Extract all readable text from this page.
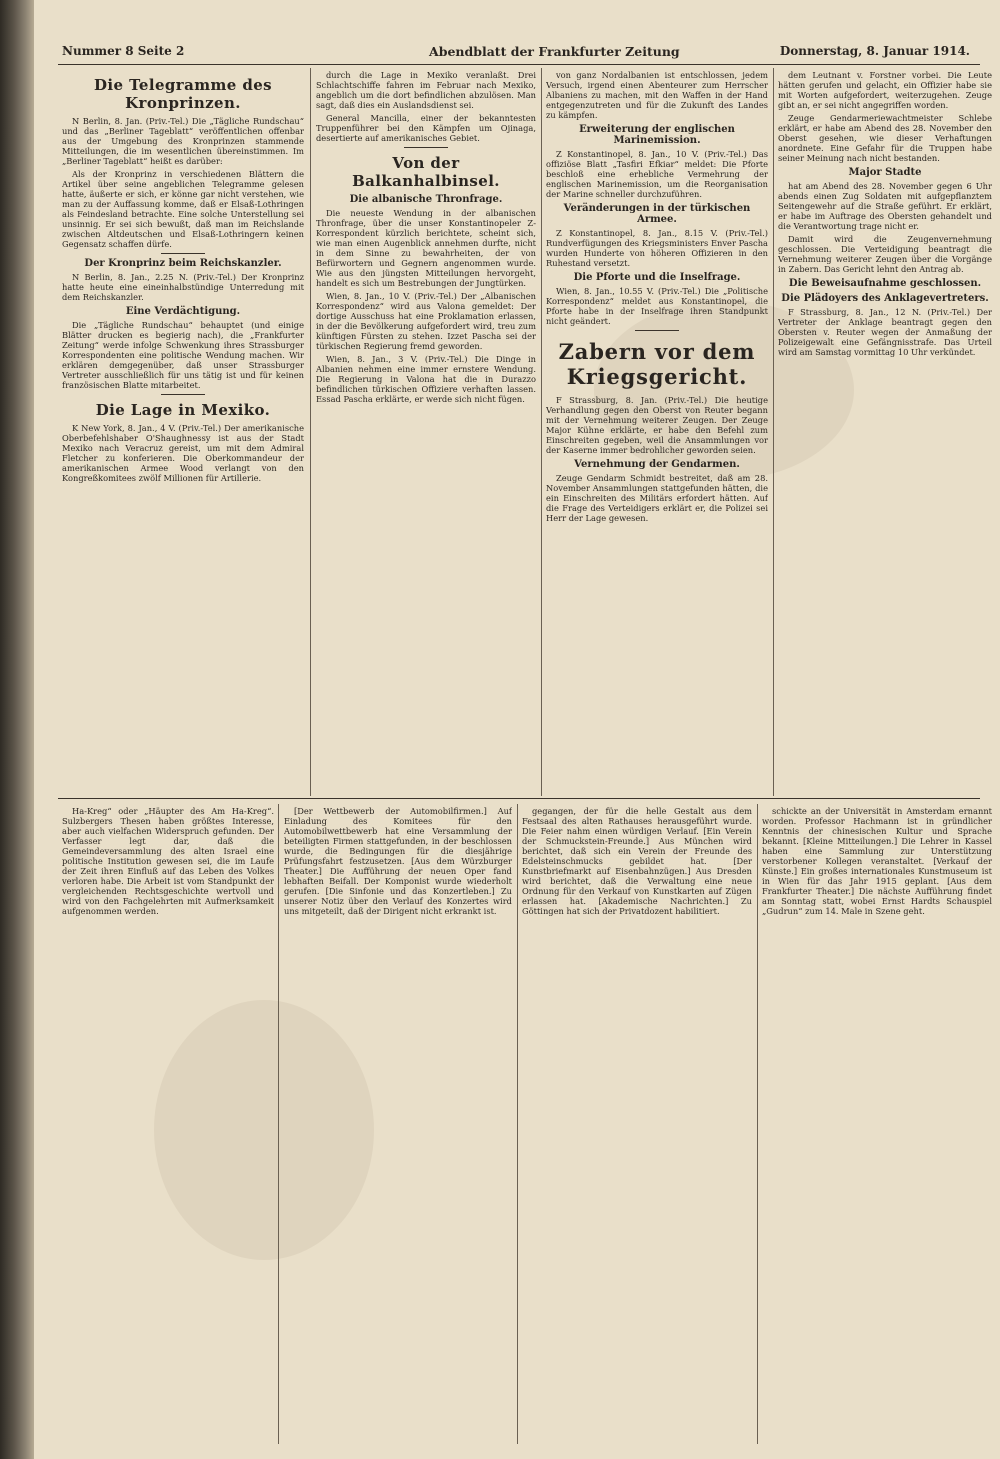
Nummer 8 Seite 2	Abendblatt der Frankfurter Zeitung	Donnerstag, 8. Januar 1914.
Die Telegramme des Kronprinzen.

N Berlin, 8. Jan. (Priv.-Tel.) Die „Tägliche Rundschau“ und das „Berliner Tageblatt“ veröffentlichen offenbar aus der Umgebung des Kronprinzen stammende Mitteilungen, die im wesentlichen übereinstimmen. Im „Berliner Tageblatt“ heißt es darüber:

Als der Kronprinz in verschiedenen Blättern die Artikel über seine angeblichen Telegramme gelesen hatte, äußerte er sich, er könne gar nicht verstehen, wie man zu der Auffassung komme, daß er Elsaß-Lothringen als Feindesland betrachte. Eine solche Unterstellung sei unsinnig. Er sei sich bewußt, daß man im Reichslande zwischen Altdeutschen und Elsaß-Lothringern keinen Gegensatz schaffen dürfe.

Der Kronprinz beim Reichskanzler.

N Berlin, 8. Jan., 2.25 N. (Priv.-Tel.) Der Kronprinz hatte heute eine eineinhalbstündige Unterredung mit dem Reichskanzler.

Eine Verdächtigung.

Die „Tägliche Rundschau“ behauptet (und einige Blätter drucken es begierig nach), die „Frankfurter Zeitung“ werde infolge Schwenkung ihres Strassburger Korrespondenten eine politische Wendung machen. Wir erklären demgegenüber, daß unser Strassburger Vertreter ausschließlich für uns tätig ist und für keinen französischen Blatte mitarbeitet.

Die Lage in Mexiko.

K New York, 8. Jan., 4 V. (Priv.-Tel.) Der amerikanische Oberbefehlshaber O'Shaughnessy ist aus der Stadt Mexiko nach Veracruz gereist, um mit dem Admiral Fletcher zu konferieren. Die Oberkommandeur der amerikanischen Armee Wood verlangt von den Kongreßkomitees zwölf Millionen für Artillerie.

durch die Lage in Mexiko veranlaßt. Drei Schlachtschiffe fahren im Februar nach Mexiko, angeblich um die dort befindlichen abzulösen. Man sagt, daß dies ein Auslandsdienst sei.

General Mancilla, einer der bekanntesten Truppenführer bei den Kämpfen um Ojinaga, desertierte auf amerikanisches Gebiet.

Von der Balkanhalbinsel.
Die albanische Thronfrage.

Die neueste Wendung in der albanischen Thronfrage, über die unser Konstantinopeler Z-Korrespondent kürzlich berichtete, scheint sich, wie man einen Augenblick annehmen durfte, nicht in dem Sinne zu bewahrheiten, der von Befürwortern und Gegnern angenommen wurde. Wie aus den jüngsten Mitteilungen hervorgeht, handelt es sich um Bestrebungen der Jungtürken.

Wien, 8. Jan., 10 V. (Priv.-Tel.) Der „Albanischen Korrespondenz“ wird aus Valona gemeldet: Der dortige Ausschuss hat eine Proklamation erlassen, in der die Bevölkerung aufgefordert wird, treu zum künftigen Fürsten zu stehen. Izzet Pascha sei der türkischen Regierung fremd geworden.

Wien, 8. Jan., 3 V. (Priv.-Tel.) Die Dinge in Albanien nehmen eine immer ernstere Wendung. Die Regierung in Valona hat die in Durazzo befindlichen türkischen Offiziere verhaften lassen. Essad Pascha erklärte, er werde sich nicht fügen.

von ganz Nordalbanien ist entschlossen, jedem Versuch, irgend einen Abenteurer zum Herrscher Albaniens zu machen, mit den Waffen in der Hand entgegenzutreten und für die Zukunft des Landes zu kämpfen.

Erweiterung der englischen Marinemission.

Z Konstantinopel, 8. Jan., 10 V. (Priv.-Tel.) Das offiziöse Blatt „Tasfiri Efkiar“ meldet: Die Pforte beschloß eine erhebliche Vermehrung der englischen Marinemission, um die Reorganisation der Marine schneller durchzuführen.

Veränderungen in der türkischen Armee.

Z Konstantinopel, 8. Jan., 8.15 V. (Priv.-Tel.) Rundverfügungen des Kriegsministers Enver Pascha wurden Hunderte von höheren Offizieren in den Ruhestand versetzt.

Die Pforte und die Inselfrage.

Wien, 8. Jan., 10.55 V. (Priv.-Tel.) Die „Politische Korrespondenz“ meldet aus Konstantinopel, die Pforte habe in der Inselfrage ihren Standpunkt nicht geändert.

Zabern vor dem Kriegsgericht.

F Strassburg, 8. Jan. (Priv.-Tel.) Die heutige Verhandlung gegen den Oberst von Reuter begann mit der Vernehmung weiterer Zeugen. Der Zeuge Major Kühne erklärte, er habe den Befehl zum Einschreiten gegeben, weil die Ansammlungen vor der Kaserne immer bedrohlicher geworden seien.

Vernehmung der Gendarmen.

Zeuge Gendarm Schmidt bestreitet, daß am 28. November Ansammlungen stattgefunden hätten, die ein Einschreiten des Militärs erfordert hätten. Auf die Frage des Verteidigers erklärt er, die Polizei sei Herr der Lage gewesen.

dem Leutnant v. Forstner vorbei. Die Leute hätten gerufen und gelacht, ein Offizier habe sie mit Worten aufgefordert, weiterzugehen. Zeuge gibt an, er sei nicht angegriffen worden.

Zeuge Gendarmeriewachtmeister Schlebe erklärt, er habe am Abend des 28. November den Oberst gesehen, wie dieser Verhaftungen anordnete. Eine Gefahr für die Truppen habe seiner Meinung nach nicht bestanden.

Major Stadte

hat am Abend des 28. November gegen 6 Uhr abends einen Zug Soldaten mit aufgepflanztem Seitengewehr auf die Straße geführt. Er erklärt, er habe im Auftrage des Obersten gehandelt und die Verantwortung trage nicht er.

Damit wird die Zeugenvernehmung geschlossen. Die Verteidigung beantragt die Vernehmung weiterer Zeugen über die Vorgänge in Zabern. Das Gericht lehnt den Antrag ab.

Die Beweisaufnahme geschlossen.
Die Plädoyers des Anklagevertreters.

F Strassburg, 8. Jan., 12 N. (Priv.-Tel.) Der Vertreter der Anklage beantragt gegen den Obersten v. Reuter wegen der Anmaßung der Polizeigewalt eine Gefängnisstrafe. Das Urteil wird am Samstag vormittag 10 Uhr verkündet.

Ha-Kreg“ oder „Häupter des Am Ha-Kreg“. Sulzbergers Thesen haben größtes Interesse, aber auch vielfachen Widerspruch gefunden. Der Verfasser legt dar, daß die Gemeindeversammlung des alten Israel eine politische Institution gewesen sei, die im Laufe der Zeit ihren Einfluß auf das Leben des Volkes verloren habe. Die Arbeit ist vom Standpunkt der vergleichenden Rechtsgeschichte wertvoll und wird von den Fachgelehrten mit Aufmerksamkeit aufgenommen werden.

[Der Wettbewerb der Automobilfirmen.] Auf Einladung des Komitees für den Automobilwettbewerb hat eine Versammlung der beteiligten Firmen stattgefunden, in der beschlossen wurde, die Bedingungen für die diesjährige Prüfungsfahrt festzusetzen. [Aus dem Würzburger Theater.] Die Aufführung der neuen Oper fand lebhaften Beifall. Der Komponist wurde wiederholt gerufen. [Die Sinfonie und das Konzertleben.] Zu unserer Notiz über den Verlauf des Konzertes wird uns mitgeteilt, daß der Dirigent nicht erkrankt ist.

gegangen, der für die helle Gestalt aus dem Festsaal des alten Rathauses herausgeführt wurde. Die Feier nahm einen würdigen Verlauf. [Ein Verein der Schmuckstein-Freunde.] Aus München wird berichtet, daß sich ein Verein der Freunde des Edelsteinschmucks gebildet hat. [Der Kunstbriefmarkt auf Eisenbahnzügen.] Aus Dresden wird berichtet, daß die Verwaltung eine neue Ordnung für den Verkauf von Kunstkarten auf Zügen erlassen hat. [Akademische Nachrichten.] Zu Göttingen hat sich der Privatdozent habilitiert.

schickte an der Universität in Amsterdam ernannt worden. Professor Hachmann ist in gründlicher Kenntnis der chinesischen Kultur und Sprache bekannt. [Kleine Mitteilungen.] Die Lehrer in Kassel haben eine Sammlung zur Unterstützung verstorbener Kollegen veranstaltet. [Verkauf der Künste.] Ein großes internationales Kunstmuseum ist in Wien für das Jahr 1915 geplant. [Aus dem Frankfurter Theater.] Die nächste Aufführung findet am Sonntag statt, wobei Ernst Hardts Schauspiel „Gudrun“ zum 14. Male in Szene geht.
